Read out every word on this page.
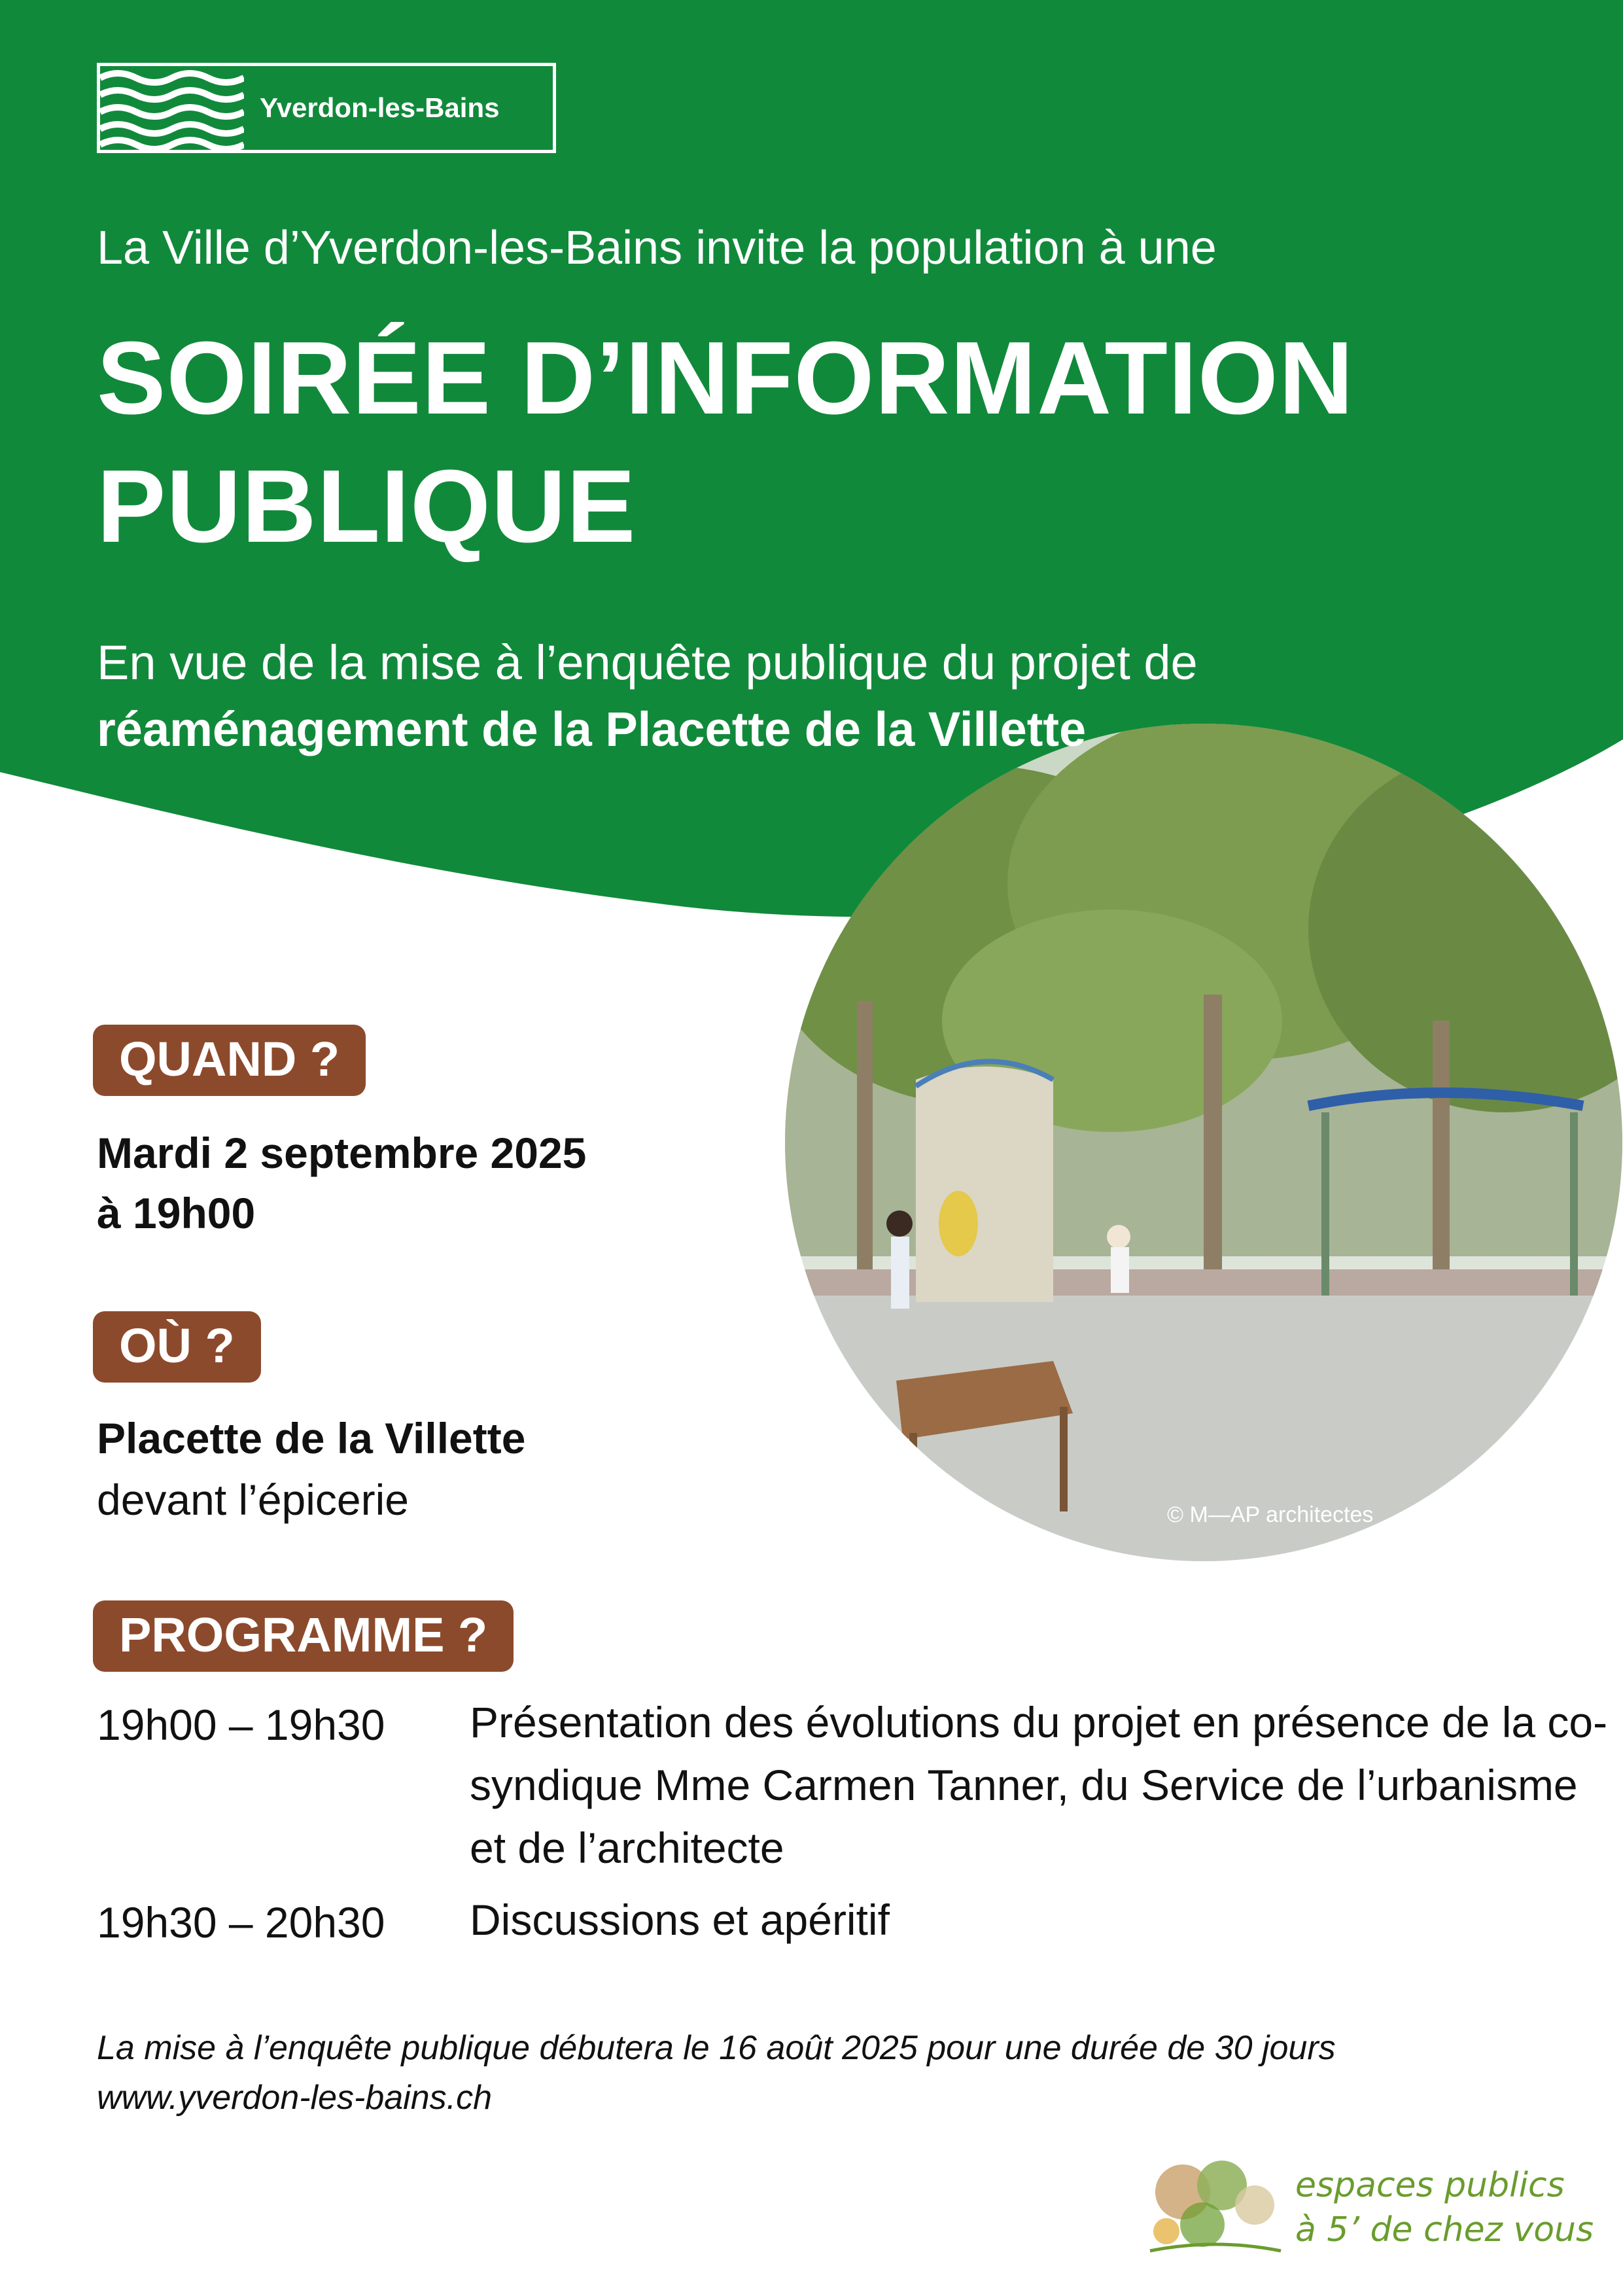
Yverdon-les-Bains
La Ville d’Yverdon-les-Bains invite la population à une
SOIRÉE D’INFORMATION
PUBLIQUE
En vue de la mise à l’enquête publique du projet de
réaménagement de la Placette de la Villette
© M—AP architectes
QUAND ?
Mardi 2 septembre 2025
à 19h00
OÙ ?
Placette de la Villette
devant l’épicerie
PROGRAMME ?
19h00 – 19h30	Présentation des évolutions du projet en présence de la co-syndique Mme Carmen Tanner, du Service de l’urbanisme et de l’architecte
19h30 – 20h30	Discussions et apéritif
La mise à l’enquête publique débutera le 16 août 2025 pour une durée de 30 jours
www.yverdon-les-bains.ch
espaces publics
à 5’ de chez vous
